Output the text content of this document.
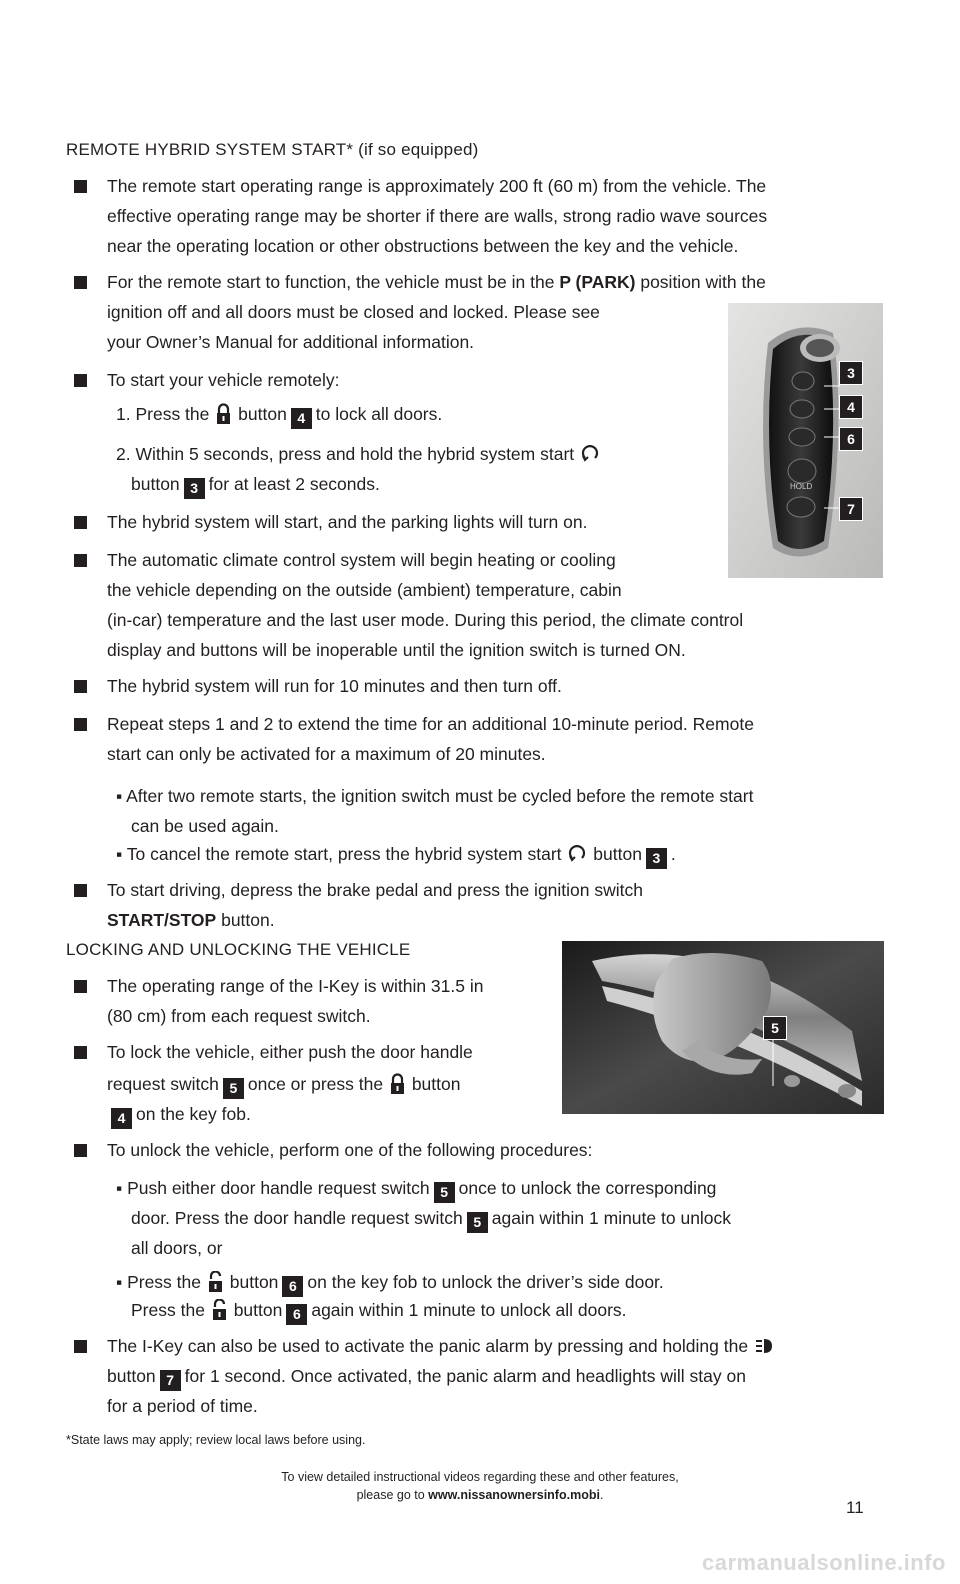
REMOTE HYBRID SYSTEM START* (if so equipped)
The remote start operating range is approximately 200 ft (60 m) from the vehicle. The
effective operating range may be shorter if there are walls, strong radio wave sources
near the operating location or other obstructions between the key and the vehicle.
For the remote start to function, the vehicle must be in the P (PARK) position with the
ignition off and all doors must be closed and locked. Please see
your Owner’s Manual for additional information.
To start your vehicle remotely:
1. Press the button 4 to lock all doors.
2. Within 5 seconds, press and hold the hybrid system start
button 3 for at least 2 seconds.
The hybrid system will start, and the parking lights will turn on.
The automatic climate control system will begin heating or cooling
the vehicle depending on the outside (ambient) temperature, cabin
(in-car) temperature and the last user mode. During this period, the climate control
display and buttons will be inoperable until the ignition switch is turned ON.
The hybrid system will run for 10 minutes and then turn off.
Repeat steps 1 and 2 to extend the time for an additional 10-minute period. Remote
start can only be activated for a maximum of 20 minutes.
▪ After two remote starts, the ignition switch must be cycled before the remote start
can be used again.
▪ To cancel the remote start, press the hybrid system start button 3 .
To start driving, depress the brake pedal and press the ignition switch
START/STOP button.
HOLD
3
4
6
7
LOCKING AND UNLOCKING THE VEHICLE
The operating range of the I-Key is within 31.5 in
(80 cm) from each request switch.
To lock the vehicle, either push the door handle
request switch 5 once or press the button
4 on the key fob.
5
To unlock the vehicle, perform one of the following procedures:
▪ Push either door handle request switch 5 once to unlock the corresponding
door. Press the door handle request switch 5 again within 1 minute to unlock
all doors, or
▪ Press the button 6 on the key fob to unlock the driver’s side door.
Press the button 6 again within 1 minute to unlock all doors.
The I-Key can also be used to activate the panic alarm by pressing and holding the
button 7 for 1 second. Once activated, the panic alarm and headlights will stay on
for a period of time.
*State laws may apply; review local laws before using.
To view detailed instructional videos regarding these and other features,
please go to www.nissanownersinfo.mobi.
11
carmanualsonline.info
